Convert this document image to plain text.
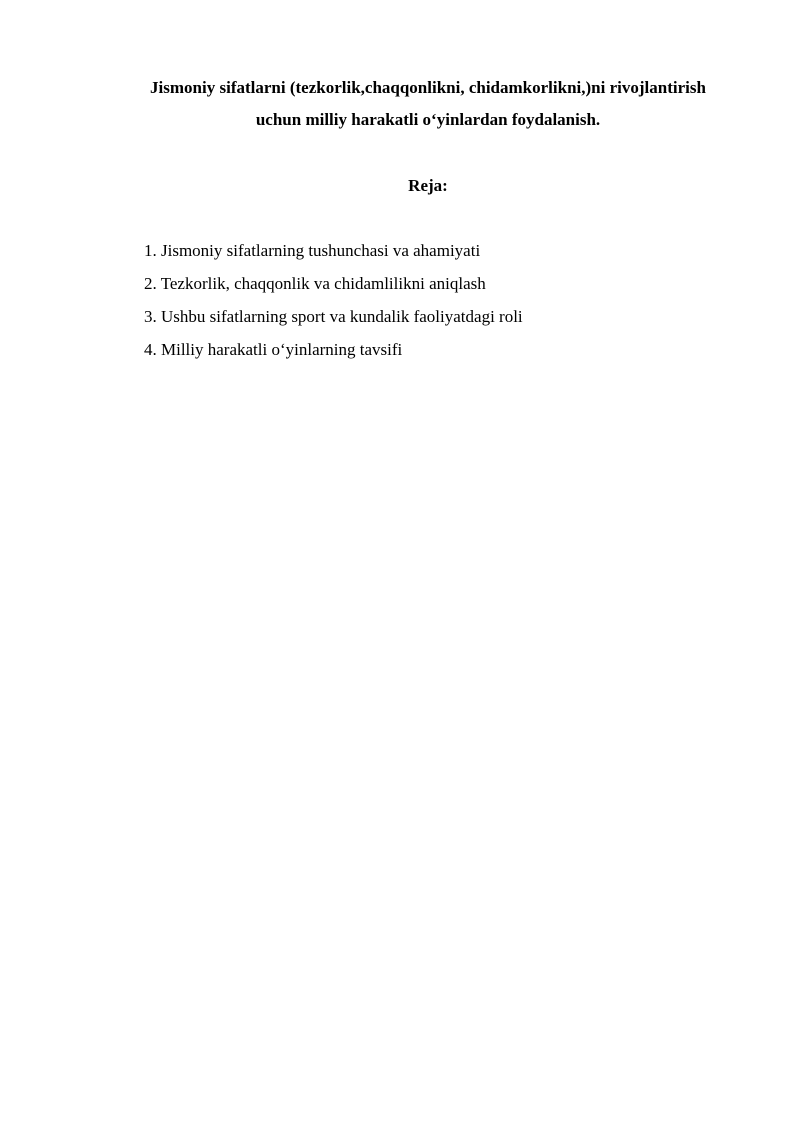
Jismoniy sifatlarni (tezkorlik,chaqqonlikni, chidamkorlikni,)ni rivojlantirish
uchun milliy harakatli o‘yinlardan foydalanish.
Reja:
1. Jismoniy sifatlarning tushunchasi va ahamiyati
2. Tezkorlik, chaqqonlik va chidamlilikni aniqlash
3. Ushbu sifatlarning sport va kundalik faoliyatdagi roli
4. Milliy harakatli o‘yinlarning tavsifi
